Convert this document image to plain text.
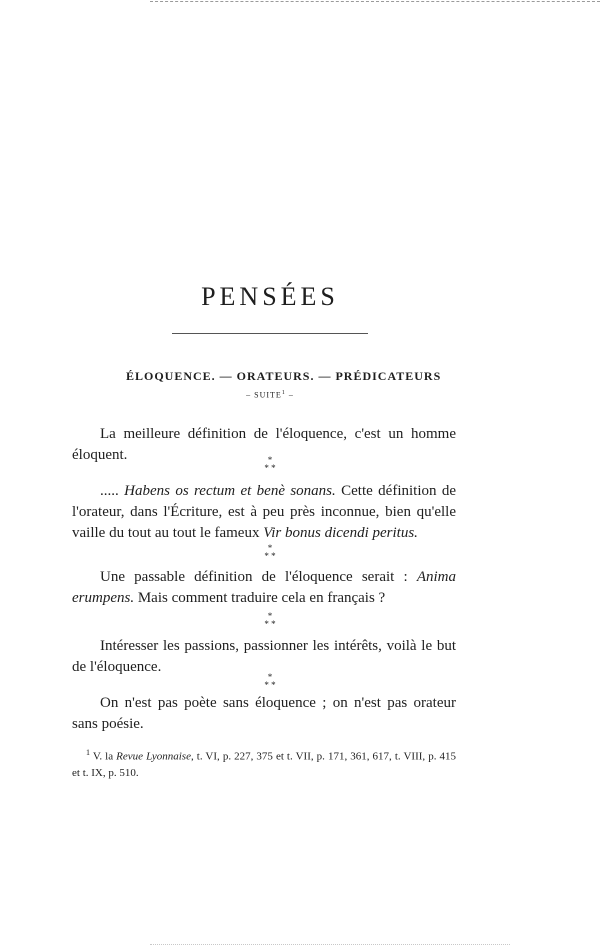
PENSÉES
ÉLOQUENCE. — ORATEURS. — PRÉDICATEURS
– SUITE$^1$ –

La meilleure définition de l'éloquence, c'est un homme éloquent.	*
* *

..... Habens os rectum et benè sonans. Cette définition de l'orateur, dans l'Écriture, est à peu près inconnue, bien qu'elle vaille du tout au tout le fameux Vir bonus dicendi peritus.

*
* *

Une passable définition de l'éloquence serait : Anima erumpens. Mais comment traduire cela en français ?

*
* *

Intéresser les passions, passionner les intérêts, voilà le but de l'éloquence.

*
* *

On n'est pas poète sans éloquence ; on n'est pas orateur sans poésie.

$^1$ V. la Revue Lyonnaise, t. VI, p. 227, 375 et t. VII, p. 171, 361, 617, t. VIII, p. 415 et t. IX, p. 510.
